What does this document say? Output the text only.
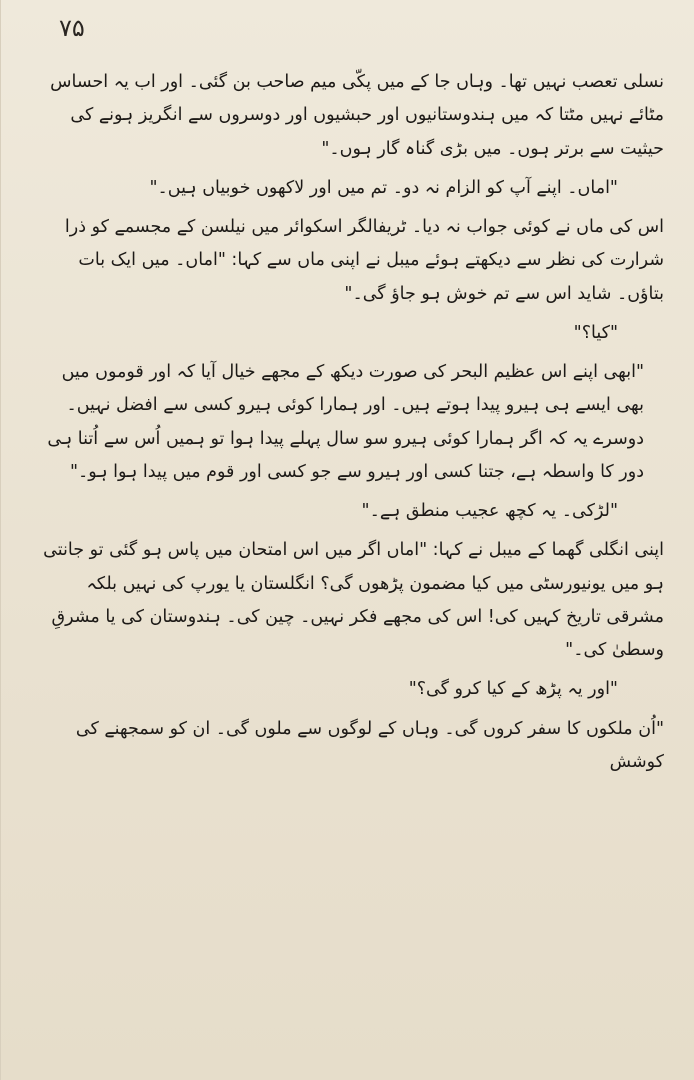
۷۵

نسلی تعصب نہیں تھا۔ وہاں جا کے میں پکّی میم صاحب بن گئی۔ اور اب یہ احساس مٹائے نہیں مٹتا کہ میں ہندوستانیوں اور حبشیوں اور دوسروں سے انگریز ہونے کی حیثیت سے برتر ہوں۔ میں بڑی گناہ گار ہوں۔"

"اماں۔ اپنے آپ کو الزام نہ دو۔ تم میں اور لاکھوں خوبیاں ہیں۔"

اس کی ماں نے کوئی جواب نہ دیا۔ ٹریفالگر اسکوائر میں نیلسن کے مجسمے کو ذرا شرارت کی نظر سے دیکھتے ہوئے میبل نے اپنی ماں سے کہا: "اماں۔ میں ایک بات بتاؤں۔ شاید اس سے تم خوش ہو جاؤ گی۔"

"کیا؟"

"ابھی اپنے اس عظیم البحر کی صورت دیکھ کے مجھے خیال آیا کہ اور قوموں میں بھی ایسے ہی ہیرو پیدا ہوتے ہیں۔ اور ہمارا کوئی ہیرو کسی سے افضل نہیں۔ دوسرے یہ کہ اگر ہمارا کوئی ہیرو سو سال پہلے پیدا ہوا تو ہمیں اُس سے اُتنا ہی دور کا واسطہ ہے، جتنا کسی اور ہیرو سے جو کسی اور قوم میں پیدا ہوا ہو۔"

"لڑکی۔ یہ کچھ عجیب منطق ہے۔"

اپنی انگلی گھما کے میبل نے کہا: "اماں اگر میں اس امتحان میں پاس ہو گئی تو جانتی ہو میں یونیورسٹی میں کیا مضمون پڑھوں گی؟ انگلستان یا یورپ کی نہیں بلکہ مشرقی تاریخ کہیں کی! اس کی مجھے فکر نہیں۔ چین کی۔ ہندوستان کی یا مشرقِ وسطیٰ کی۔"

"اور یہ پڑھ کے کیا کرو گی؟"

"اُن ملکوں کا سفر کروں گی۔ وہاں کے لوگوں سے ملوں گی۔ ان کو سمجھنے کی کوشش
